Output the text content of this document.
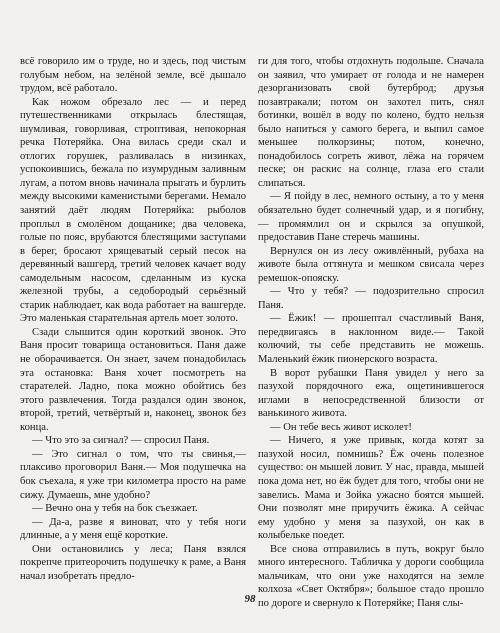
всё говорило им о труде, но и здесь, под чистым голубым небом, на зелёной земле, всё дышало трудом, всё работало.

Как ножом обрезало лес — и перед путешественниками открылась блестящая, шумливая, говорливая, строптивая, непокорная речка Потеряйка. Она вилась среди скал и отлогих горушек, разливалась в низинках, успокоившись, бежала по изумрудным заливным лугам, а потом вновь начинала прыгать и бурлить между высокими каменистыми берегами. Немало занятий даёт людям Потеряйка: рыболов проплыл в смолёном дощанике; два человека, голые по пояс, врубаются блестящими заступами в берег, бросают хрящеватый серый песок на деревянный вашгерд, третий человек качает воду самодельным насосом, сделанным из куска железной трубы, а седобородый серьёзный старик наблюдает, как вода работает на вашгерде. Это маленькая старательная артель моет золото.

Сзади слышится один короткий звонок. Это Ваня просит товарища остановиться. Паня даже не оборачивается. Он знает, зачем понадобилась эта остановка: Ваня хочет посмотреть на старателей. Ладно, пока можно обойтись без этого развлечения. Тогда раздался один звонок, второй, третий, четвёртый и, наконец, звонок без конца.

— Что это за сигнал? — спросил Паня.

— Это сигнал о том, что ты свинья,— плаксиво проговорил Ваня.— Моя подушечка на бок съехала, я уже три километра просто на раме сижу. Думаешь, мне удобно?

— Вечно она у тебя на бок съезжает.

— Да-а, разве я виноват, что у тебя ноги длинные, а у меня ещё короткие.

Они остановились у леса; Паня взялся покрепче притеорочить подушечку к раме, а Ваня начал изобретать предло-

ги для того, чтобы отдохнуть подольше. Сначала он заявил, что умирает от голода и не намерен дезорганизовать свой бутерброд; друзья позавтракали; потом он захотел пить, снял ботинки, вошёл в воду по колено, будто нельзя было напиться у самого берега, и выпил самое меньшее полкорзины; потом, конечно, понадобилось согреть живот, лёжа на горячем песке; он раскис на солнце, глаза его стали слипаться.

— Я пойду в лес, немного остыну, а то у меня обязательно будет солнечный удар, и я погибну,— промямлил он и скрылся за опушкой, предоставив Пане стеречь машины.

Вернулся он из лесу оживлённый, рубаха на животе была оттянута и мешком свисала через ремешок-опояску.

— Что у тебя? — подозрительно спросил Паня.

— Ёжик! — прошептал счастливый Ваня, передвигаясь в наклонном виде.— Такой колючий, ты себе представить не можешь. Маленький ёжик пионерского возраста.

В ворот рубашки Паня увидел у него за пазухой порядочного ежа, ощетинившегося иглами в непосредственной близости от ванькиного живота.

— Он тебе весь живот исколет!

— Ничего, я уже привык, когда котят за пазухой носил, помнишь? Ёж очень полезное существо: он мышей ловит. У нас, правда, мышей пока дома нет, но ёж будет для того, чтобы они не завелись. Мама и Зойка ужасно боятся мышей. Они позволят мне приручить ёжика. А сейчас ему удобно у меня за пазухой, он как в колыбельке поедет.

Все снова отправились в путь, вокруг было много интересного. Табличка у дороги сообщила мальчикам, что они уже находятся на земле колхоза «Свет Октября»; большое стадо прошло по дороге и свернуло к Потеряйке; Паня слы-

98
